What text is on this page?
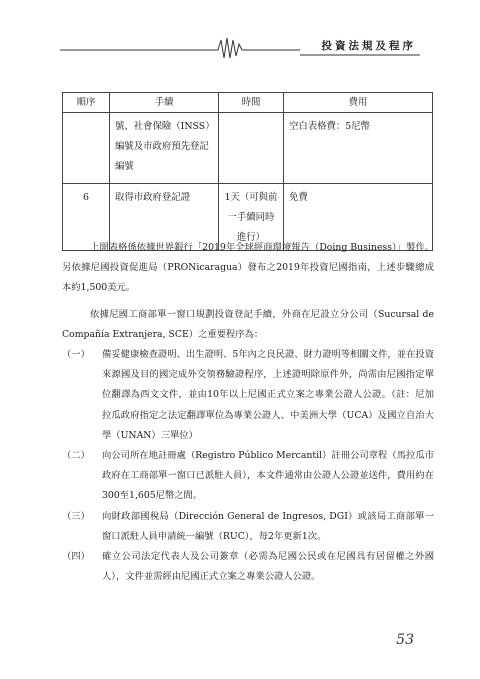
投資法規及程序
順序	手續	時間	費用
	號、社會保險（INSS）編號及市政府預先登記編號		空白表格費：5尼幣
6	取得市政府登記證	1天（可與前一手續同時進行）	免費

上開表格係依據世界銀行「2019年全球經商環境報告（Doing Business）」製作。另依據尼國投資促進局（PRONicaragua）發布之2019年投資尼國指南，上述步驟總成本約1,500美元。

依據尼國工商部單一窗口規劃投資登記手續，外商在尼設立分公司（Sucursal de Compañía Extranjera, SCE）之重要程序為：

（一）	備妥健康檢查證明、出生證明、5年內之良民證、財力證明等相關文件，並在投資來源國及目的國完成外交領務驗證程序，上述證明除原件外，尚需由尼國指定單位翻譯為西文文件，並由10年以上尼國正式立案之專業公證人公證。（註：尼加拉瓜政府指定之法定翻譯單位為專業公證人、中美洲大學（UCA）及國立自治大學（UNAN）三單位）
（二）	向公司所在地註冊處（Registro Público Mercantil）註冊公司章程（馬拉瓜市政府在工商部單一窗口已派駐人員），本文件通常由公證人公證並送件，費用約在300至1,605尼幣之間。
（三）	向財政部國稅局（Dirección General de Ingresos, DGI）或該局工商部單一窗口派駐人員申請統一編號（RUC），每2年更新1次。
（四）	確立公司法定代表人及公司簽章（必需為尼國公民或在尼國具有居留權之外國人），文件並需經由尼國正式立案之專業公證人公證。
53
